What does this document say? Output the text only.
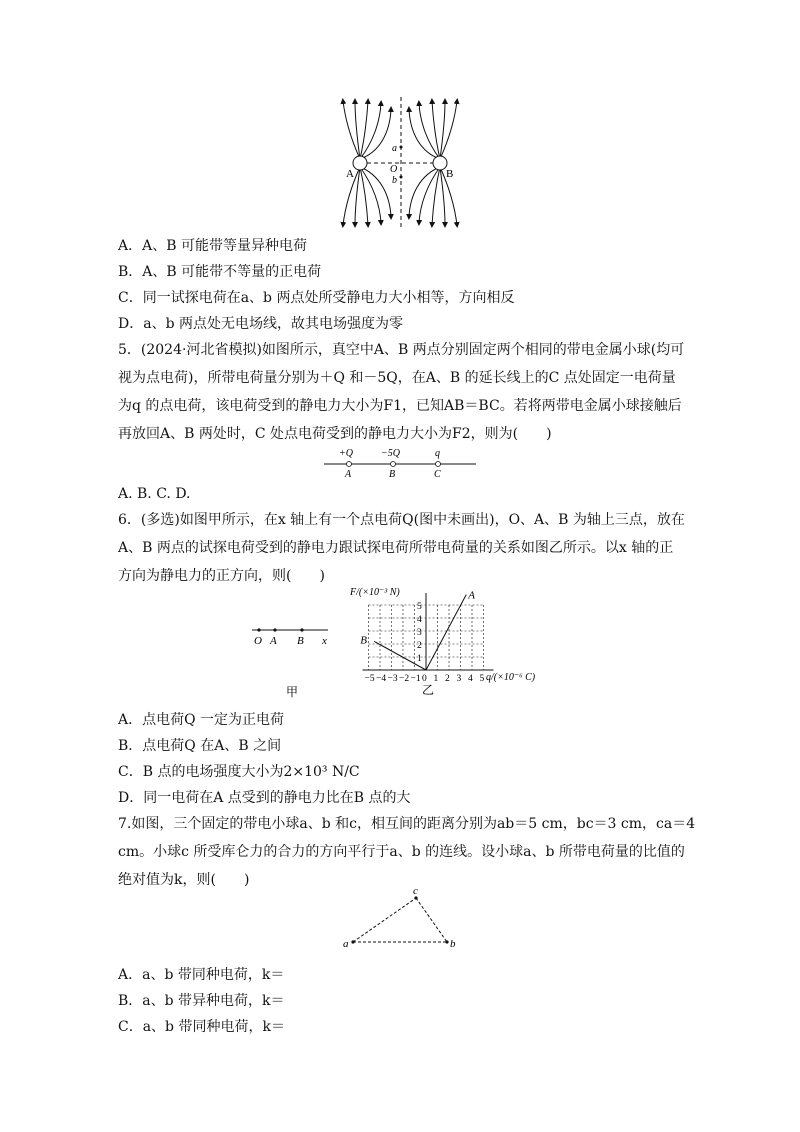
A	B
a
O
b
A．A、B 可能带等量异种电荷
B．A、B 可能带不等量的正电荷
C．同一试探电荷在a、b 两点处所受静电力大小相等，方向相反
D．a、b 两点处无电场线，故其电场强度为零
5．(2024·河北省模拟)如图所示，真空中A、B 两点分别固定两个相同的带电金属小球(均可
视为点电荷)，所带电荷量分别为＋Q 和－5Q，在A、B 的延长线上的C 点处固定一电荷量
为q 的点电荷，该电荷受到的静电力大小为F1，已知AB＝BC。若将两带电金属小球接触后
再放回A、B 两处时，C 处点电荷受到的静电力大小为F2，则为(　　)
+Q	−5Q	q
A	B	C
A. B. C. D.
6．(多选)如图甲所示，在x 轴上有一个点电荷Q(图中未画出)，O、A、B 为轴上三点，放在
A、B 两点的试探电荷受到的静电力跟试探电荷所带电荷量的关系如图乙所示。以x 轴的正
方向为静电力的正方向，则(　　)
O A B x
甲
A
B
−5 −4 −3 −2 −1 0 1 2 3 4 5
1
2
3
4
5
F/(×10⁻³ N)
q/(×10⁻⁶ C)
乙
A．点电荷Q 一定为正电荷
B．点电荷Q 在A、B 之间
C．B 点的电场强度大小为2×10³ N/C
D．同一电荷在A 点受到的静电力比在B 点的大
7.如图，三个固定的带电小球a、b 和c，相互间的距离分别为ab＝5 cm，bc＝3 cm，ca＝4
cm。小球c 所受库仑力的合力的方向平行于a、b 的连线。设小球a、b 所带电荷量的比值的
绝对值为k，则(　　)
a	b
c
A．a、b 带同种电荷，k＝
B．a、b 带异种电荷，k＝
C．a、b 带同种电荷，k＝
